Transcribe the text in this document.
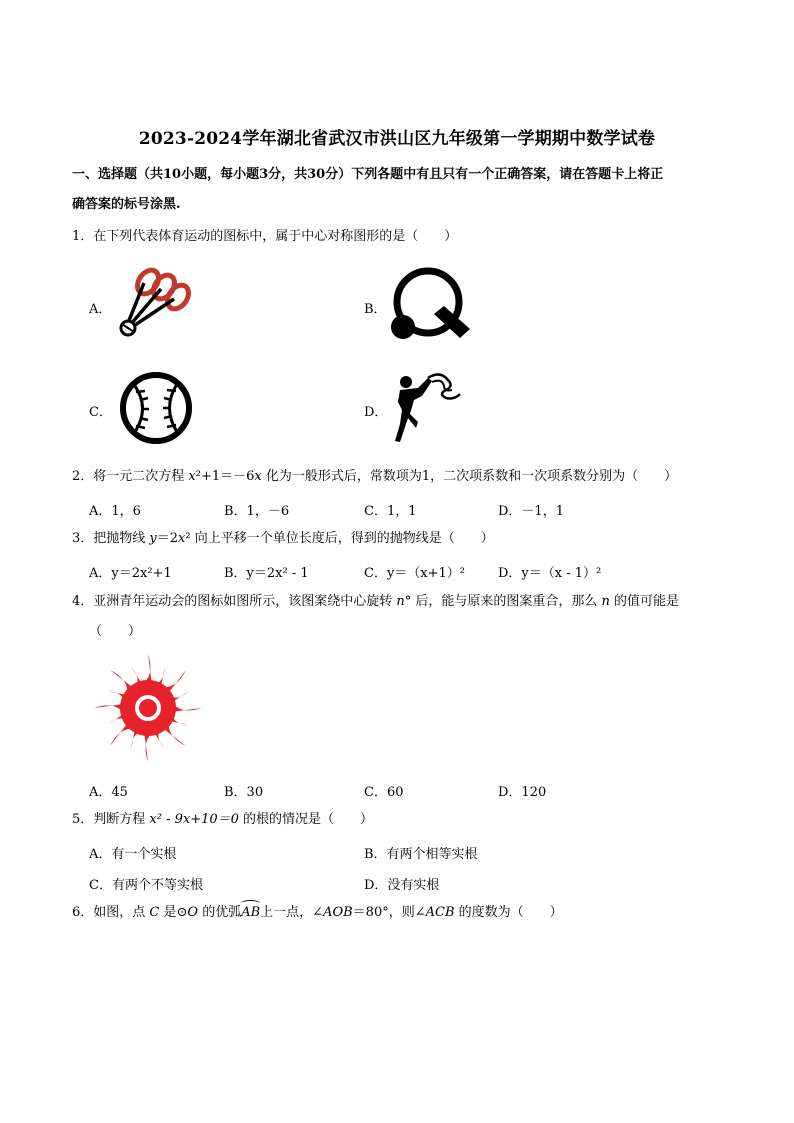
2023-2024学年湖北省武汉市洪山区九年级第一学期期中数学试卷
一、选择题（共10小题，每小题3分，共30分）下列各题中有且只有一个正确答案，请在答题卡上将正
确答案的标号涂黑.
1．在下列代表体育运动的图标中，属于中心对称图形的是（　　）
A．	B．
C．	D．
2．将一元二次方程 x²+1＝－6x 化为一般形式后，常数项为1，二次项系数和一次项系数分别为（　　）
A．1，6	B．1，－6	C．1，1	D．－1，1
3．把抛物线 y＝2x² 向上平移一个单位长度后，得到的抛物线是（　　）
A．y＝2x²+1	B．y＝2x² - 1	C．y＝（x+1）²	D．y＝（x - 1）²
4．亚洲青年运动会的图标如图所示，该图案绕中心旋转 n° 后，能与原来的图案重合，那么 n 的值可能是
（　　）
A．45	B．30	C．60	D．120
5．判断方程 x² - 9x+10＝0 的根的情况是（　　）
A．有一个实根	B．有两个相等实根
C．有两个不等实根	D．没有实根
6．如图，点 C 是⊙O 的优弧AB上一点，∠AOB＝80°，则∠ACB 的度数为（　　）
